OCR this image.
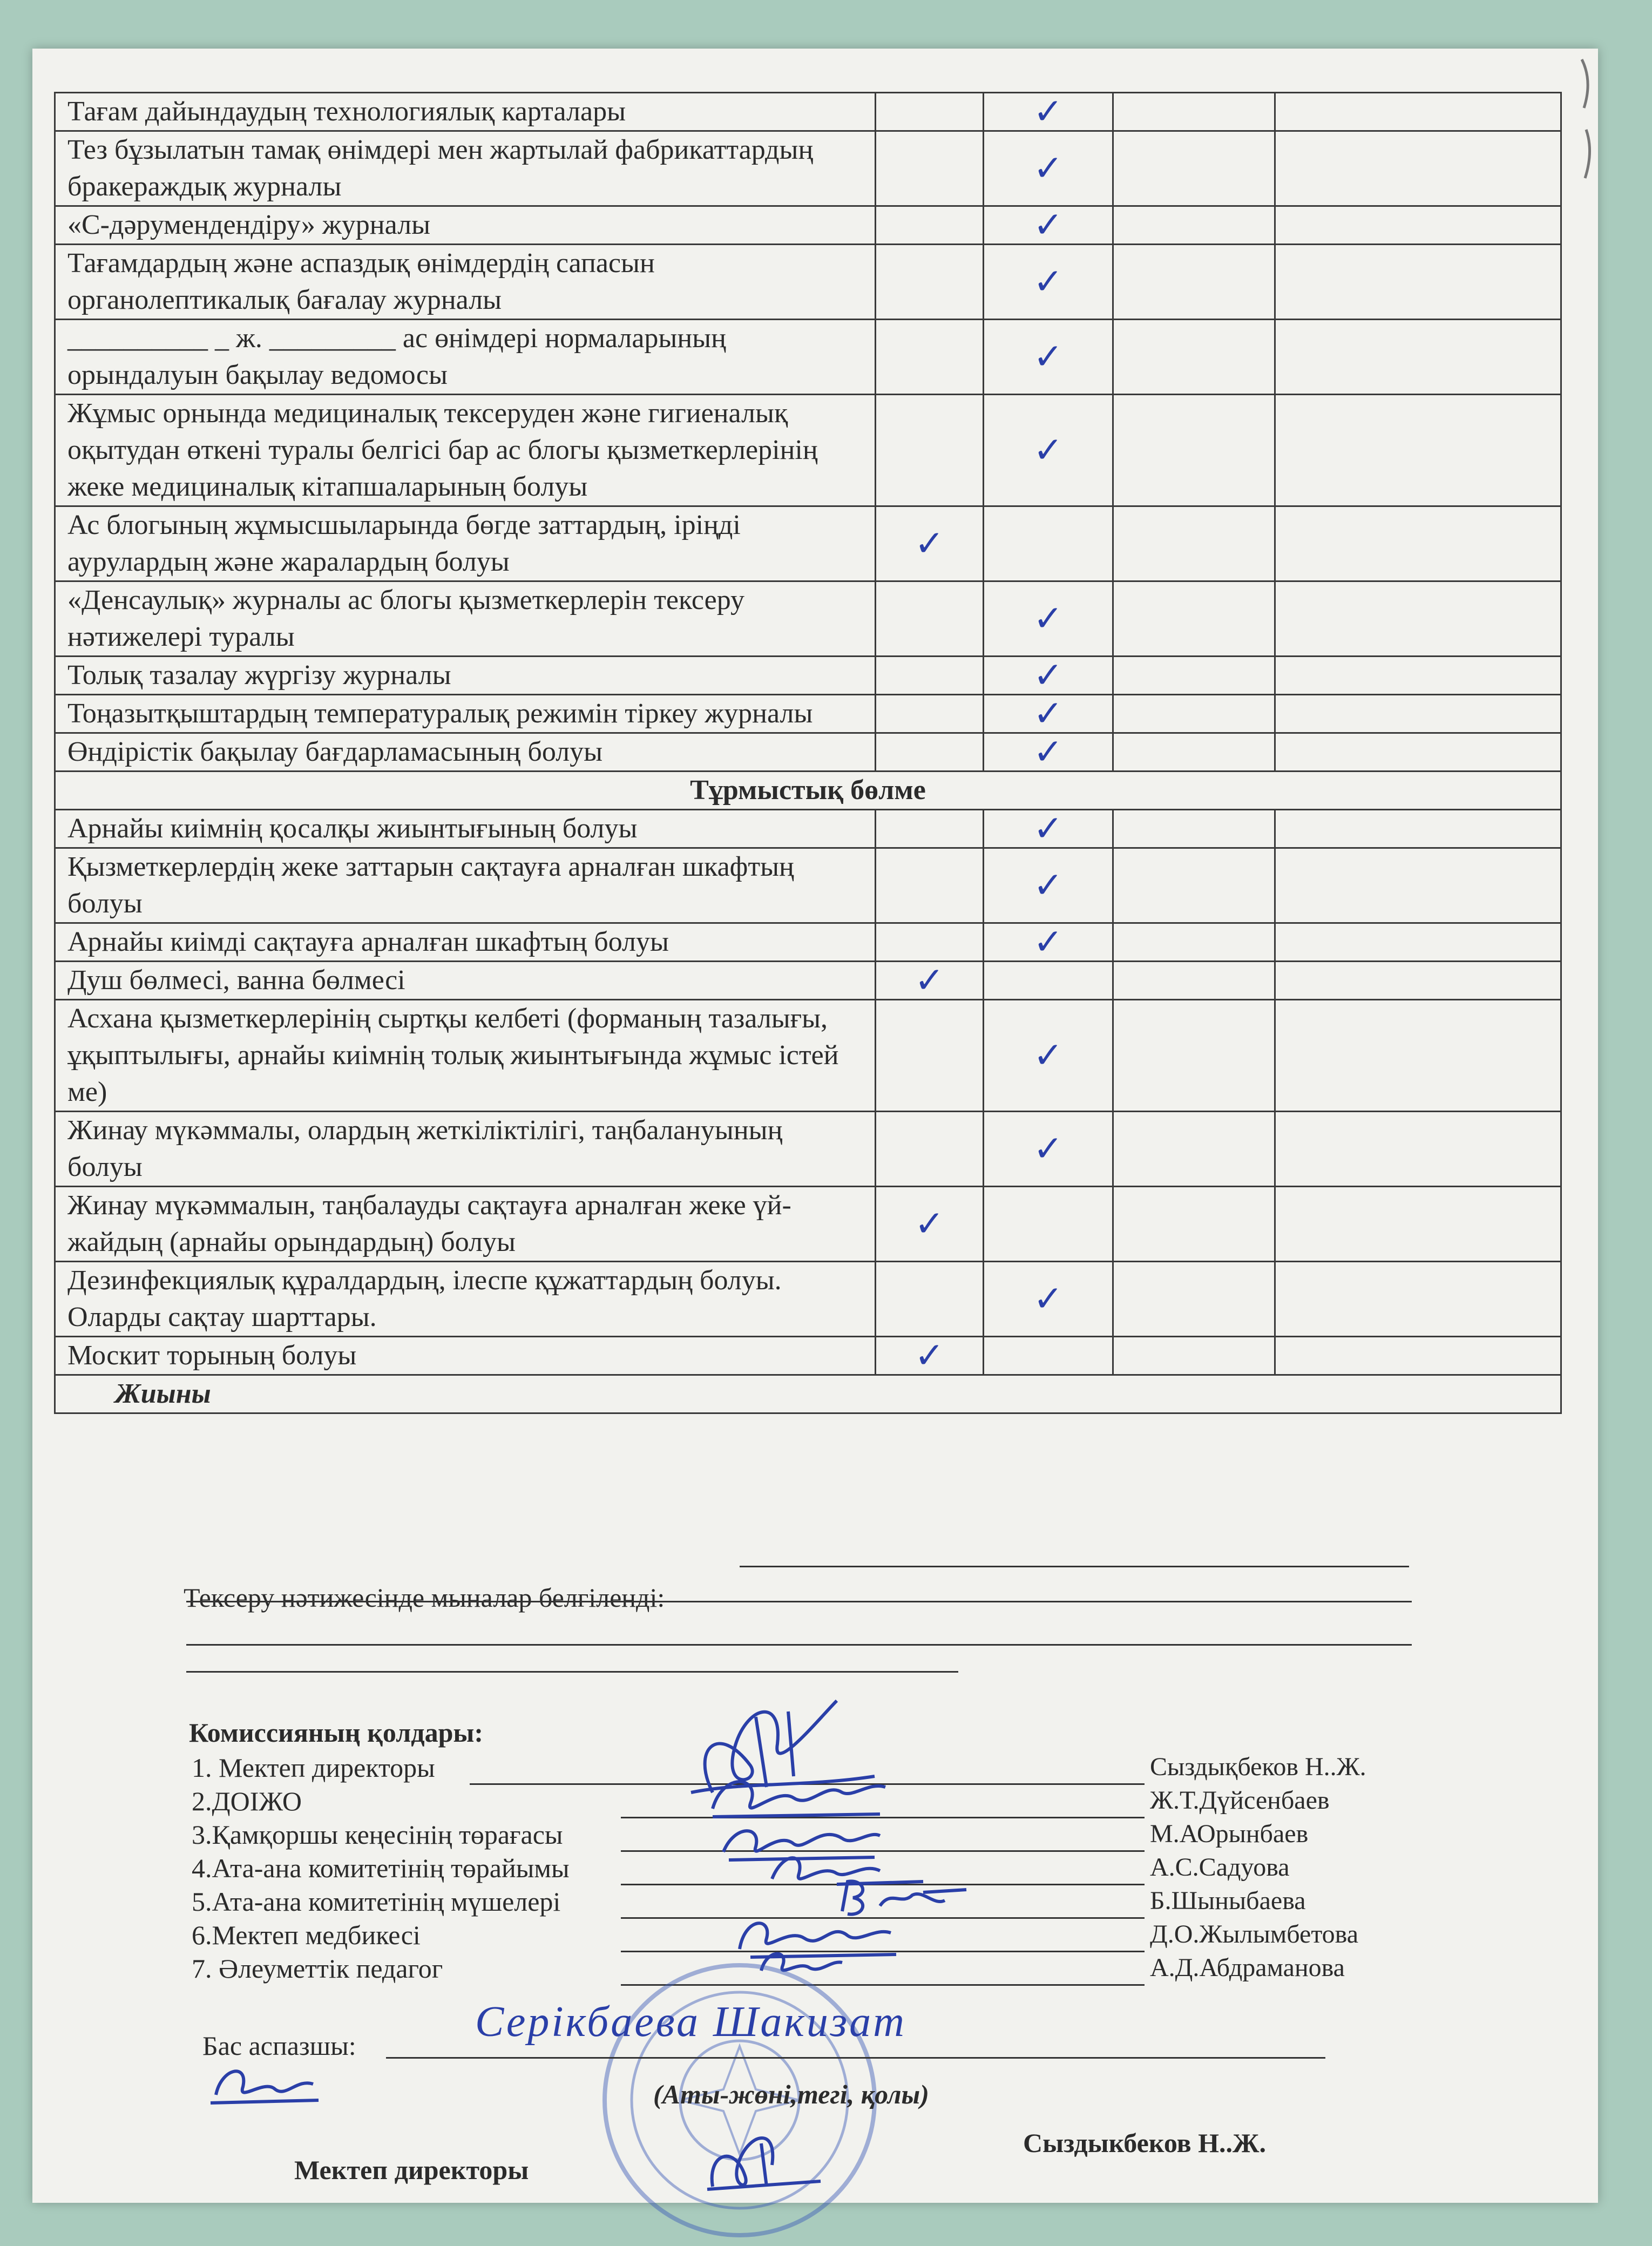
Тағам дайындаудың технологиялық карталары		✓		
Тез бұзылатын тамақ өнімдері мен жартылай фабрикаттардың бракераждық журналы		✓		
«С-дәрумендендіру» журналы		✓		
Тағамдардың және аспаздық өнімдердің сапасын органолептикалық бағалау журналы		✓		
__________ _ ж. _________ ас өнімдері нормаларының орындалуын бақылау ведомосы		✓		
Жұмыс орнында медициналық тексеруден және гигиеналық оқытудан өткені туралы белгісі бар ас блогы қызметкерлерінің жеке медициналық кітапшаларының болуы		✓		
Ас блогының жұмысшыларында бөгде заттардың, іріңді аурулардың және жаралардың болуы	✓			
«Денсаулық» журналы ас блогы қызметкерлерін тексеру нәтижелері туралы		✓		
Толық тазалау жүргізу журналы		✓		
Тоңазытқыштардың температуралық режимін тіркеу журналы		✓		
Өндірістік бақылау бағдарламасының болуы		✓		
Тұрмыстық бөлме				
Арнайы киімнің қосалқы жиынтығының болуы		✓		
Қызметкерлердің жеке заттарын сақтауға арналған шкафтың болуы		✓		
Арнайы киімді сақтауға арналған шкафтың болуы		✓		
Душ бөлмесі, ванна бөлмесі	✓			
Асхана қызметкерлерінің сыртқы келбеті (форманың тазалығы, ұқыптылығы, арнайы киімнің толық жиынтығында жұмыс істей ме)		✓		
Жинау мүкәммалы, олардың жеткіліктілігі, таңбалануының болуы		✓		
Жинау мүкәммалын, таңбалауды сақтауға арналған жеке үй-жайдың (арнайы орындардың) болуы	✓			
Дезинфекциялық құралдардың, ілеспе құжаттардың болуы. Оларды сақтау шарттары.		✓		
Москит торының болуы	✓			
Жиыны				
Тексеру нәтижесінде мыналар белгіленді:
Комиссияның қолдары:
1. Мектеп директоры	Сыздықбеков Н..Ж.
2.ДОІЖО	Ж.Т.Дүйсенбаев
3.Қамқоршы кеңесінің төрағасы	М.АОрынбаев
4.Ата-ана комитетінің төрайымы	А.С.Садуова
5.Ата-ана комитетінің мүшелері	Б.Шыныбаева
6.Мектеп медбикесі	Д.О.Жылымбетова
7. Әлеуметтік педагог	А.Д.Абдраманова
Бас аспазшы:	Серікбаева Шакизат
(Аты-жөні,тегі, қолы)
Мектеп директоры
Сыздыкбеков Н..Ж.
